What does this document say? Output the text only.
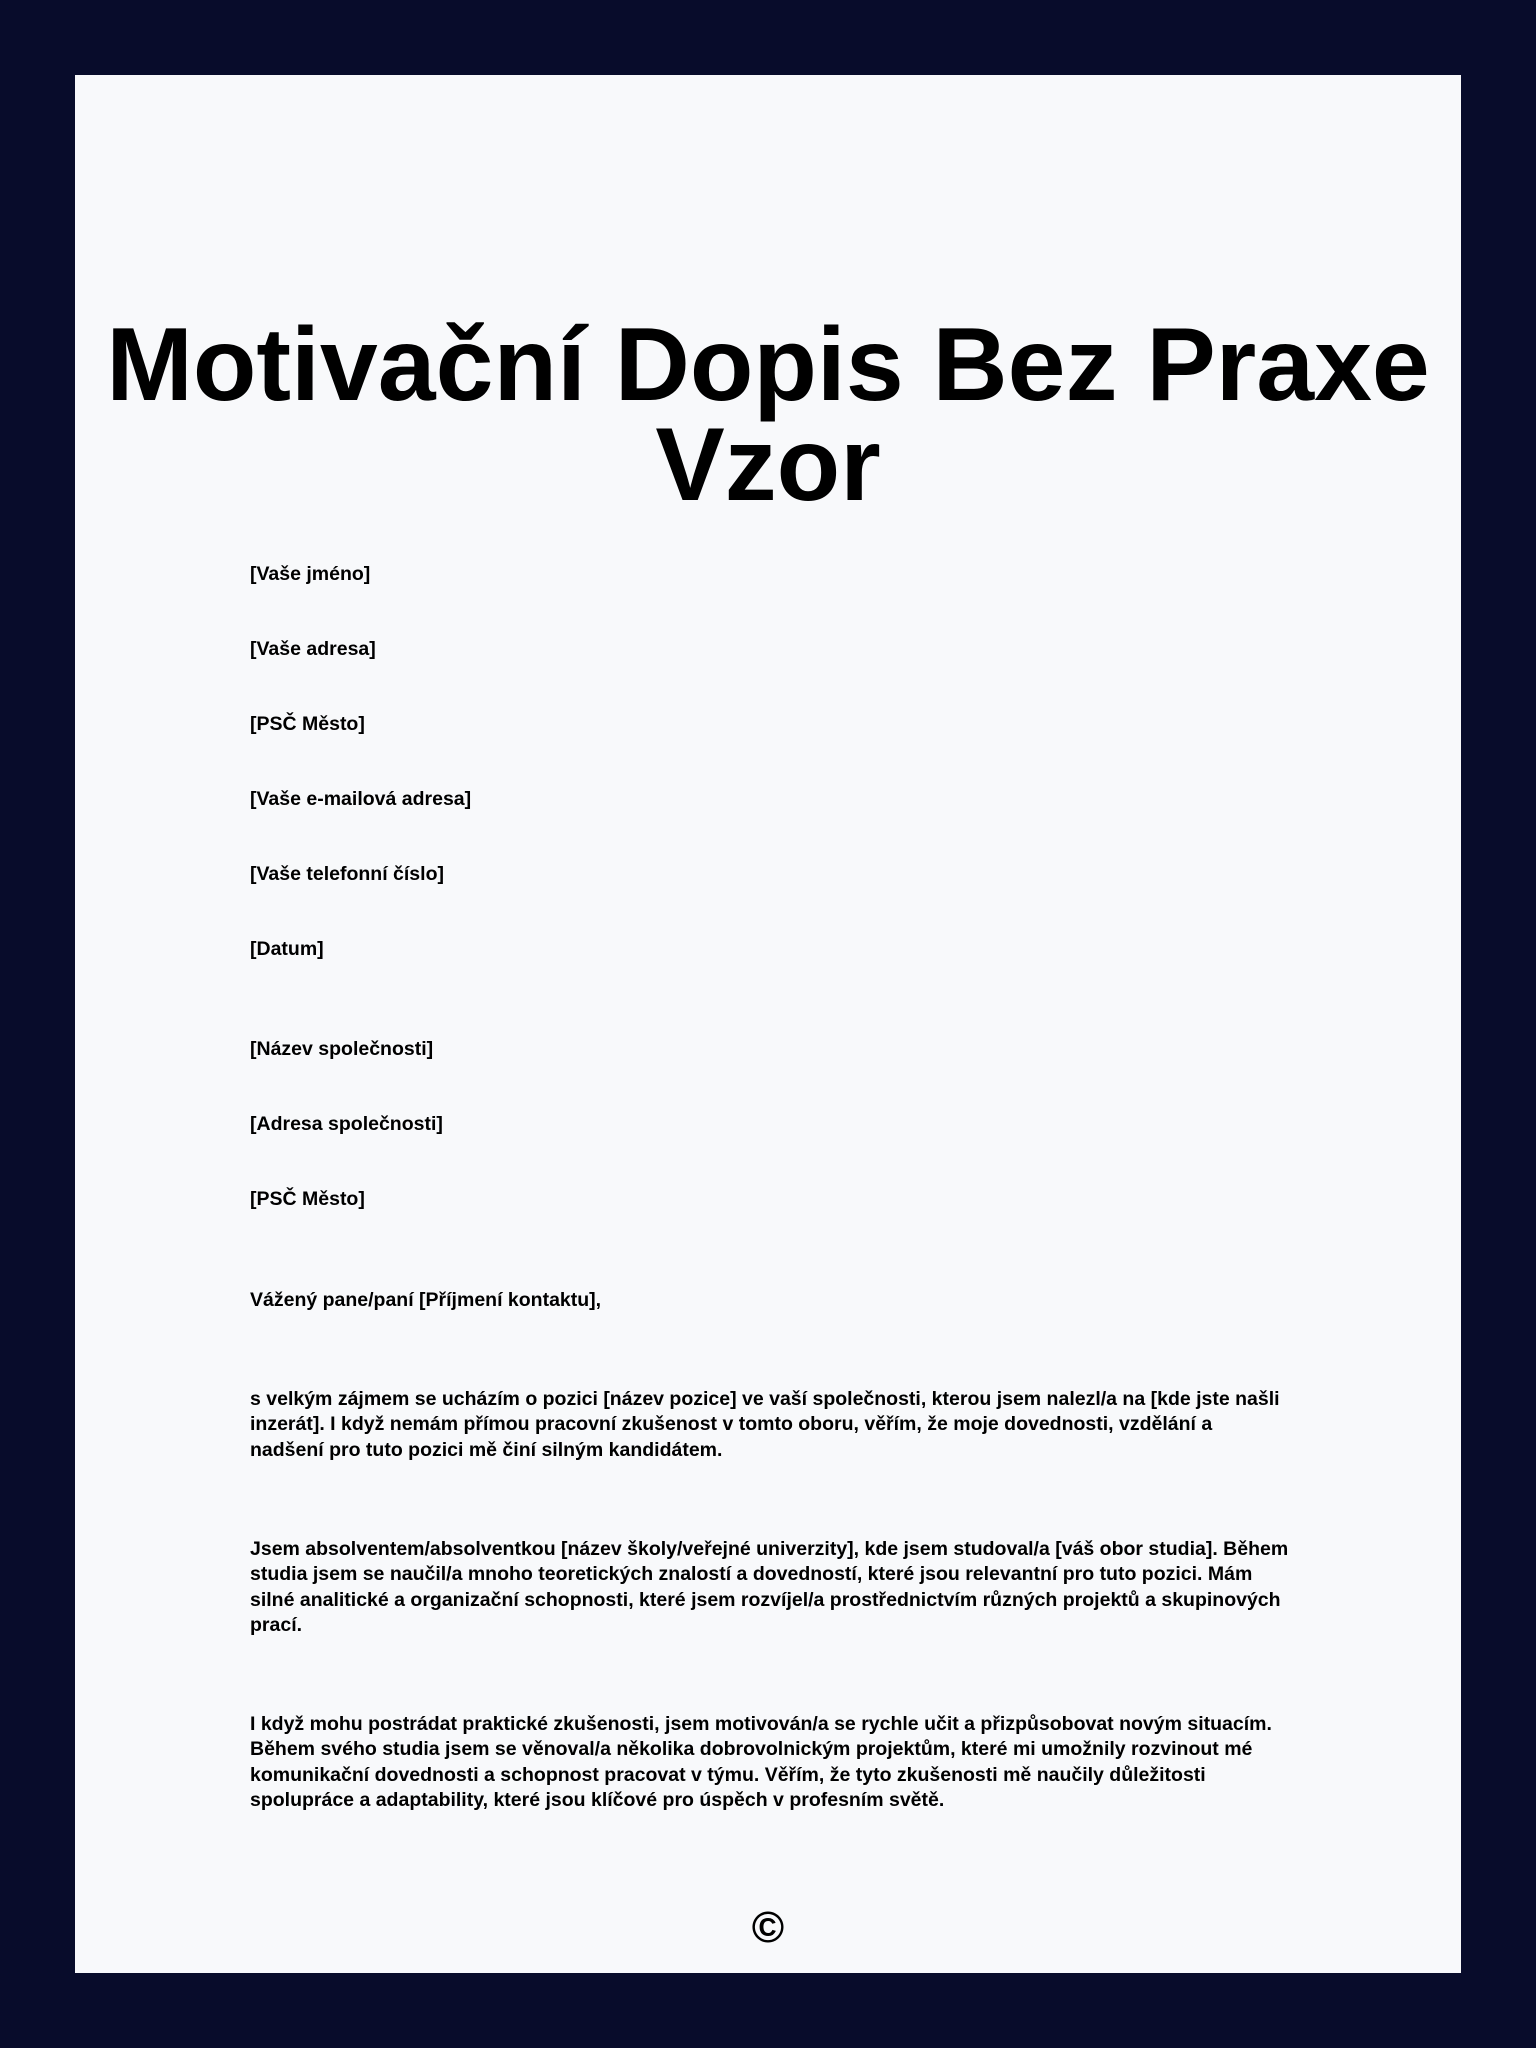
Motivační Dopis Bez Praxe Vzor

[Vaše jméno]

[Vaše adresa]

[PSČ Město]

[Vaše e-mailová adresa]

[Vaše telefonní číslo]

[Datum]

[Název společnosti]

[Adresa společnosti]

[PSČ Město]

Vážený pane/paní [Příjmení kontaktu],

s velkým zájmem se ucházím o pozici [název pozice] ve vaší společnosti, kterou jsem nalezl/a na [kde jste našli inzerát]. I když nemám přímou pracovní zkušenost v tomto oboru, věřím, že moje dovednosti, vzdělání a nadšení pro tuto pozici mě činí silným kandidátem.

Jsem absolventem/absolventkou [název školy/veřejné univerzity], kde jsem studoval/a [váš obor studia]. Během studia jsem se naučil/a mnoho teoretických znalostí a dovedností, které jsou relevantní pro tuto pozici. Mám silné analitické a organizační schopnosti, které jsem rozvíjel/a prostřednictvím různých projektů a skupinových prací.

I když mohu postrádat praktické zkušenosti, jsem motivován/a se rychle učit a přizpůsobovat novým situacím. Během svého studia jsem se věnoval/a několika dobrovolnickým projektům, které mi umožnily rozvinout mé komunikační dovednosti a schopnost pracovat v týmu. Věřím, že tyto zkušenosti mě naučily důležitosti spolupráce a adaptability, které jsou klíčové pro úspěch v profesním světě.

©
